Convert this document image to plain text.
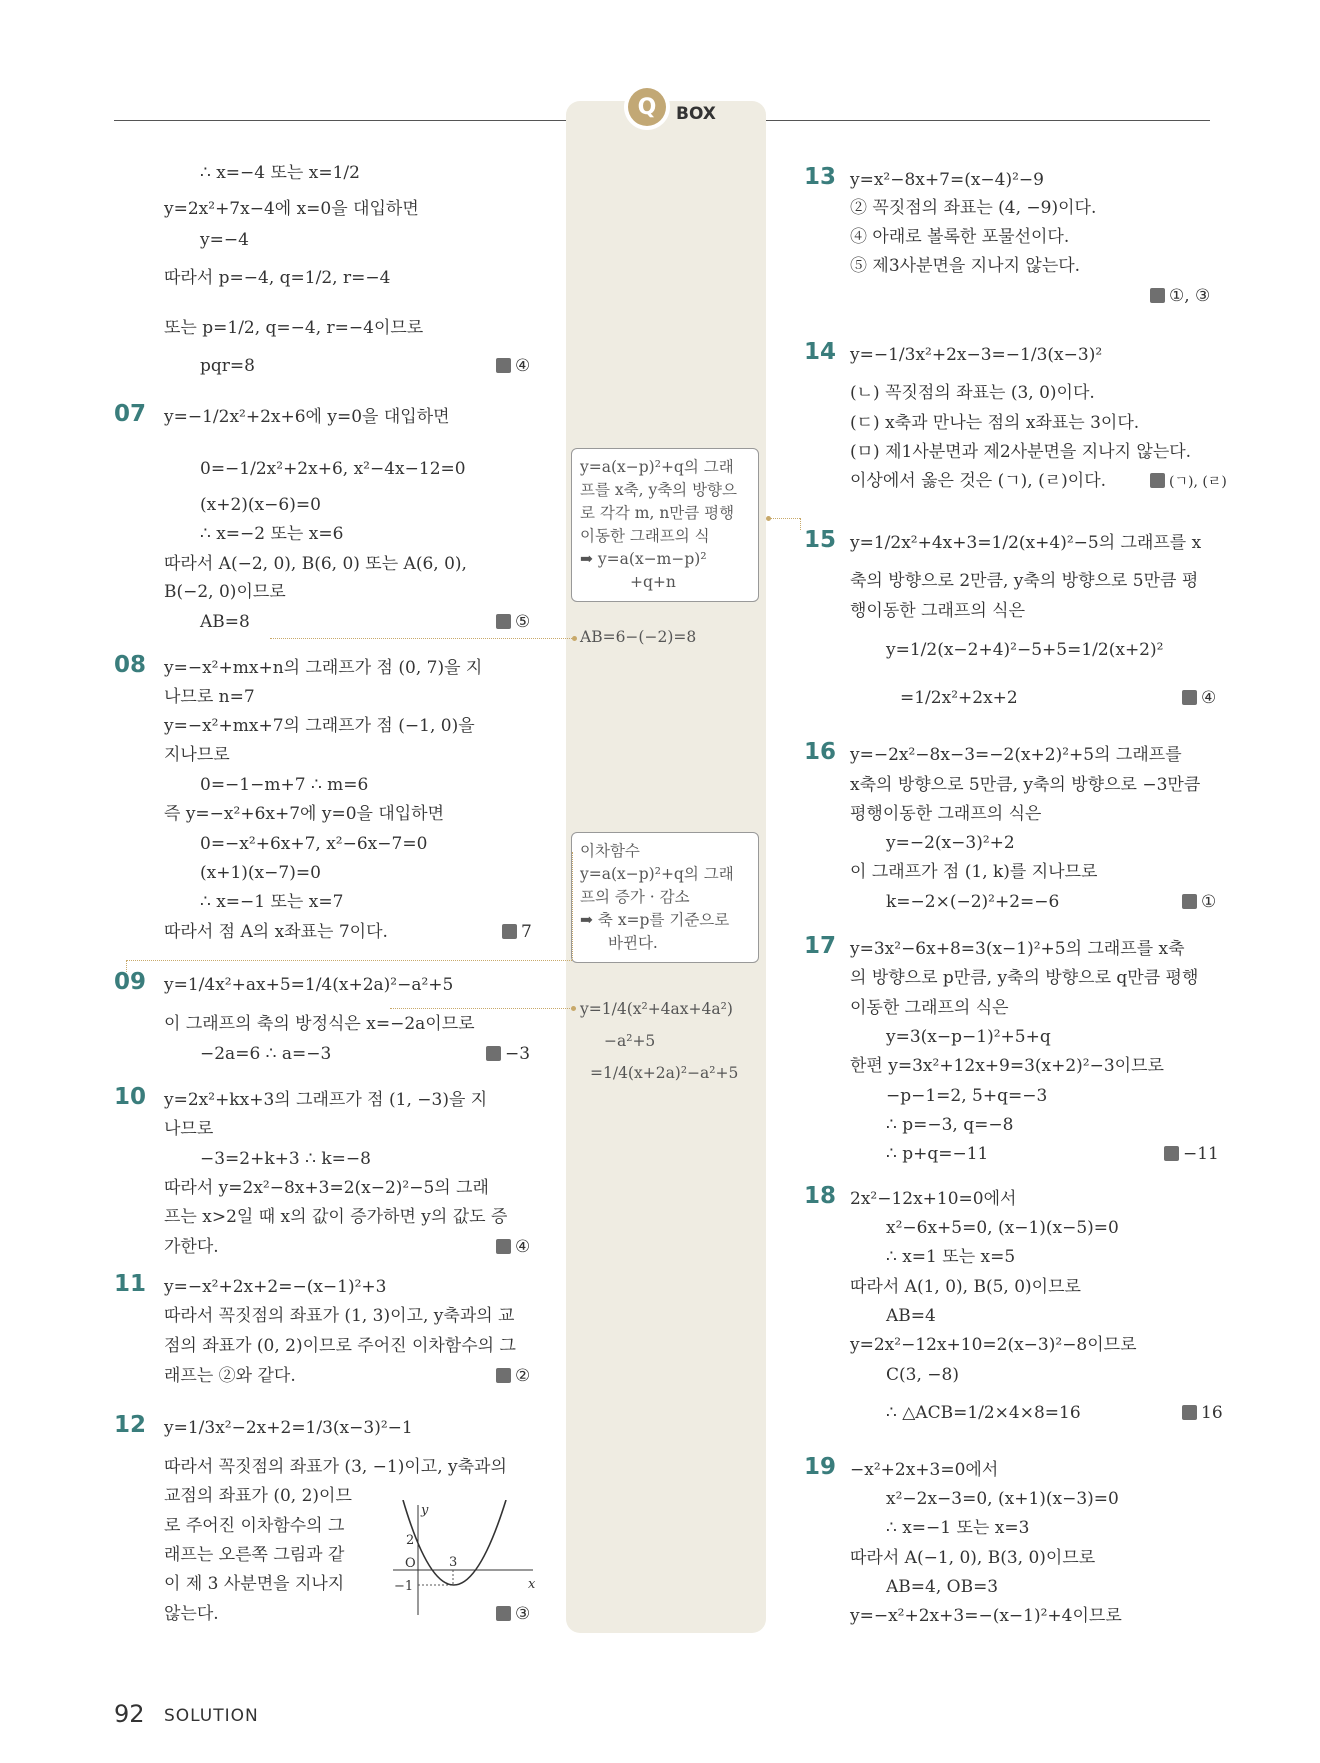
Q BOX
∴ x=−4 또는 x=1/2
y=2x²+7x−4에 x=0을 대입하면
y=−4
따라서 p=−4, q=1/2, r=−4
또는 p=1/2, q=−4, r=−4이므로
pqr=8	④
07 y=−1/2x²+2x+6에 y=0을 대입하면
0=−1/2x²+2x+6, x²−4x−12=0
(x+2)(x−6)=0
∴ x=−2 또는 x=6
따라서 A(−2, 0), B(6, 0) 또는 A(6, 0),
B(−2, 0)이므로
AB=8	⑤
08 y=−x²+mx+n의 그래프가 점 (0, 7)을 지
나므로 n=7
y=−x²+mx+7의 그래프가 점 (−1, 0)을
지나므로
0=−1−m+7 ∴ m=6
즉 y=−x²+6x+7에 y=0을 대입하면
0=−x²+6x+7, x²−6x−7=0
(x+1)(x−7)=0
∴ x=−1 또는 x=7
따라서 점 A의 x좌표는 7이다.	7
09 y=1/4x²+ax+5=1/4(x+2a)²−a²+5
이 그래프의 축의 방정식은 x=−2a이므로
−2a=6 ∴ a=−3	−3
10 y=2x²+kx+3의 그래프가 점 (1, −3)을 지
나므로
−3=2+k+3 ∴ k=−8
따라서 y=2x²−8x+3=2(x−2)²−5의 그래
프는 x>2일 때 x의 값이 증가하면 y의 값도 증
가한다.	④
11 y=−x²+2x+2=−(x−1)²+3
따라서 꼭짓점의 좌표가 (1, 3)이고, y축과의 교
점의 좌표가 (0, 2)이므로 주어진 이차함수의 그
래프는 ②와 같다.	②
12 y=1/3x²−2x+2=1/3(x−3)²−1
따라서 꼭짓점의 좌표가 (3, −1)이고, y축과의
교점의 좌표가 (0, 2)이므
로 주어진 이차함수의 그
래프는 오른쪽 그림과 같
이 제 3 사분면을 지나지
않는다.	③
y
x
O
2
3
−1
y=a(x−p)²+q의 그래
프를 x축, y축의 방향으
로 각각 m, n만큼 평행
이동한 그래프의 식
➡ y=a(x−m−p)²
+q+n
AB=6−(−2)=8
이차함수
y=a(x−p)²+q의 그래
프의 증가 · 감소
➡ 축 x=p를 기준으로
바뀐다.
y=1/4(x²+4ax+4a²)
−a²+5
=1/4(x+2a)²−a²+5
13 y=x²−8x+7=(x−4)²−9
② 꼭짓점의 좌표는 (4, −9)이다.
④ 아래로 볼록한 포물선이다.
⑤ 제3사분면을 지나지 않는다.
①, ③
14 y=−1/3x²+2x−3=−1/3(x−3)²
(ㄴ) 꼭짓점의 좌표는 (3, 0)이다.
(ㄷ) x축과 만나는 점의 x좌표는 3이다.
(ㅁ) 제1사분면과 제2사분면을 지나지 않는다.
이상에서 옳은 것은 (ㄱ), (ㄹ)이다.	(ㄱ), (ㄹ)
15 y=1/2x²+4x+3=1/2(x+4)²−5의 그래프를 x
축의 방향으로 2만큼, y축의 방향으로 5만큼 평
행이동한 그래프의 식은
y=1/2(x−2+4)²−5+5=1/2(x+2)²
=1/2x²+2x+2	④
16 y=−2x²−8x−3=−2(x+2)²+5의 그래프를
x축의 방향으로 5만큼, y축의 방향으로 −3만큼
평행이동한 그래프의 식은
y=−2(x−3)²+2
이 그래프가 점 (1, k)를 지나므로
k=−2×(−2)²+2=−6	①
17 y=3x²−6x+8=3(x−1)²+5의 그래프를 x축
의 방향으로 p만큼, y축의 방향으로 q만큼 평행
이동한 그래프의 식은
y=3(x−p−1)²+5+q
한편 y=3x²+12x+9=3(x+2)²−3이므로
−p−1=2, 5+q=−3
∴ p=−3, q=−8
∴ p+q=−11	−11
18 2x²−12x+10=0에서
x²−6x+5=0, (x−1)(x−5)=0
∴ x=1 또는 x=5
따라서 A(1, 0), B(5, 0)이므로
AB=4
y=2x²−12x+10=2(x−3)²−8이므로
C(3, −8)
∴ △ACB=1/2×4×8=16	16
19 −x²+2x+3=0에서
x²−2x−3=0, (x+1)(x−3)=0
∴ x=−1 또는 x=3
따라서 A(−1, 0), B(3, 0)이므로
AB=4, OB=3
y=−x²+2x+3=−(x−1)²+4이므로
92 SOLUTION
